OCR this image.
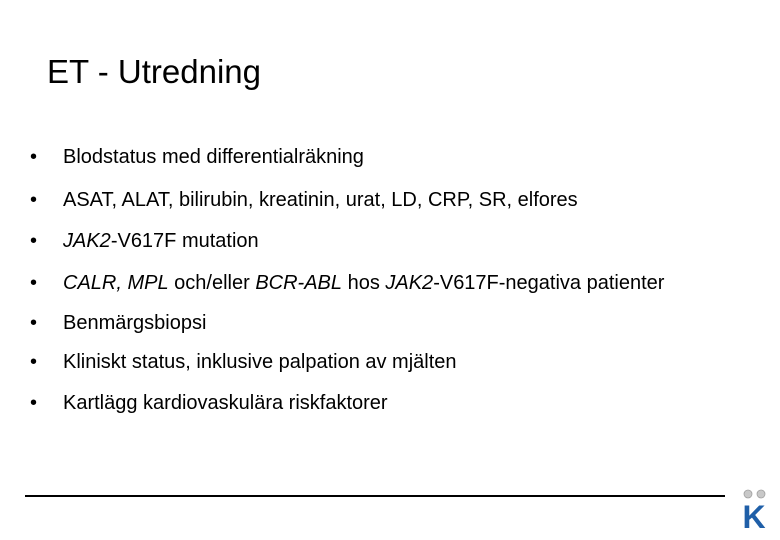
ET - Utredning
•	Blodstatus med differentialräkning
•	ASAT, ALAT, bilirubin, kreatinin, urat, LD, CRP, SR, elfores
•	JAK2-V617F mutation
•	CALR, MPL och/eller BCR-ABL hos JAK2-V617F-negativa patienter
•	Benmärgsbiopsi
•	Kliniskt status, inklusive palpation av mjälten
•	Kartlägg kardiovaskulära riskfaktorer
K
